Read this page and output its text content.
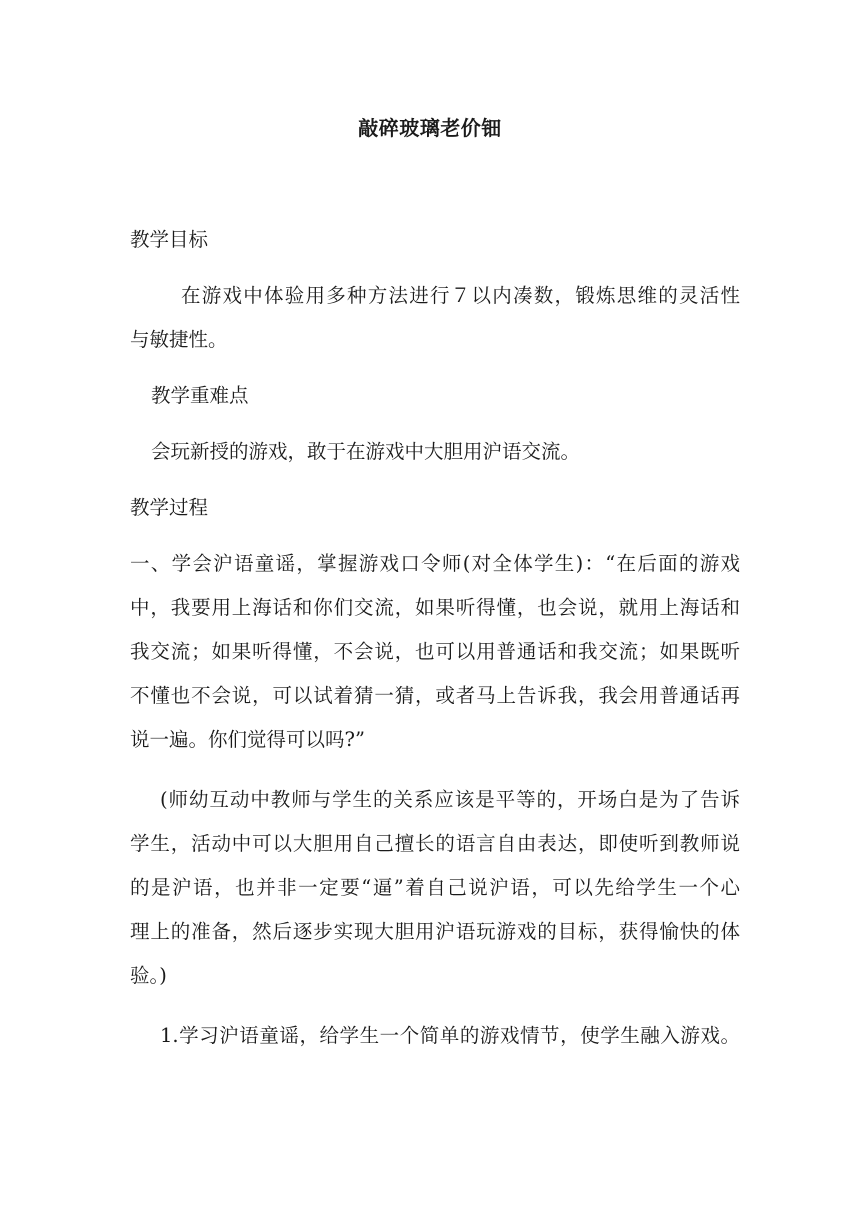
敲碎玻璃老价钿
教学目标
在游戏中体验用多种方法进行７以内凑数，锻炼思维的灵活性
与敏捷性。
教学重难点
会玩新授的游戏，敢于在游戏中大胆用沪语交流。
教学过程
一、学会沪语童谣，掌握游戏口令师(对全体学生)：“在后面的游戏
中，我要用上海话和你们交流，如果听得懂，也会说，就用上海话和
我交流；如果听得懂，不会说，也可以用普通话和我交流；如果既听
不懂也不会说，可以试着猜一猜，或者马上告诉我，我会用普通话再
说一遍。你们觉得可以吗?”
(师幼互动中教师与学生的关系应该是平等的，开场白是为了告诉
学生，活动中可以大胆用自己擅长的语言自由表达，即使听到教师说
的是沪语，也并非一定要“逼”着自己说沪语，可以先给学生一个心
理上的准备，然后逐步实现大胆用沪语玩游戏的目标，获得愉快的体
验。)
1.学习沪语童谣，给学生一个简单的游戏情节，使学生融入游戏。
